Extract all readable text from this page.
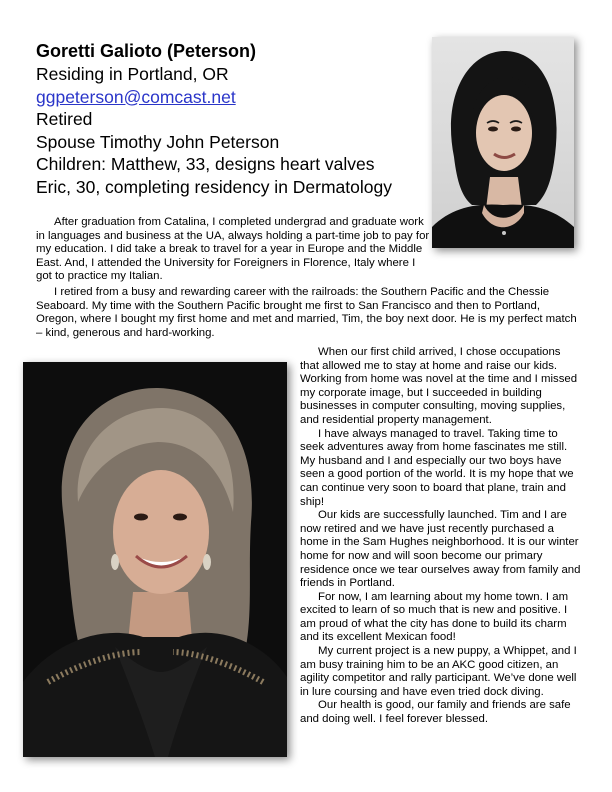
Goretti Galioto (Peterson)

Residing in Portland, OR

ggpeterson@comcast.net

Retired

Spouse Timothy John Peterson

Children: Matthew, 33, designs heart valves

Eric, 30, completing residency in Dermatology

After graduation from Catalina, I completed undergrad and graduate work in languages and business at the UA, always holding a part-time job to pay for my education. I did take a break to travel for a year in Europe and the Middle East. And, I attended the University for Foreigners in Florence, Italy where I got to practice my Italian.

I retired from a busy and rewarding career with the railroads: the Southern Pacific and the Chessie Seaboard. My time with the Southern Pacific brought me first to San Francisco and then to Portland, Oregon, where I bought my first home and met and married, Tim, the boy next door. He is my perfect match – kind, generous and hard-working.

When our first child arrived, I chose occupations that allowed me to stay at home and raise our kids. Working from home was novel at the time and I missed my corporate image, but I succeeded in building businesses in computer consulting, moving supplies, and residential property management.

I have always managed to travel. Taking time to seek adventures away from home fascinates me still. My husband and I and especially our two boys have seen a good portion of the world. It is my hope that we can continue very soon to board that plane, train and ship!

Our kids are successfully launched. Tim and I are now retired and we have just recently purchased a home in the Sam Hughes neighborhood. It is our winter home for now and will soon become our primary residence once we tear ourselves away from family and friends in Portland.

For now, I am learning about my home town. I am excited to learn of so much that is new and positive. I am proud of what the city has done to build its charm and its excellent Mexican food!

My current project is a new puppy, a Whippet, and I am busy training him to be an AKC good citizen, an agility competitor and rally participant. We’ve done well in lure coursing and have even tried dock diving.

Our health is good, our family and friends are safe and doing well. I feel forever blessed.
